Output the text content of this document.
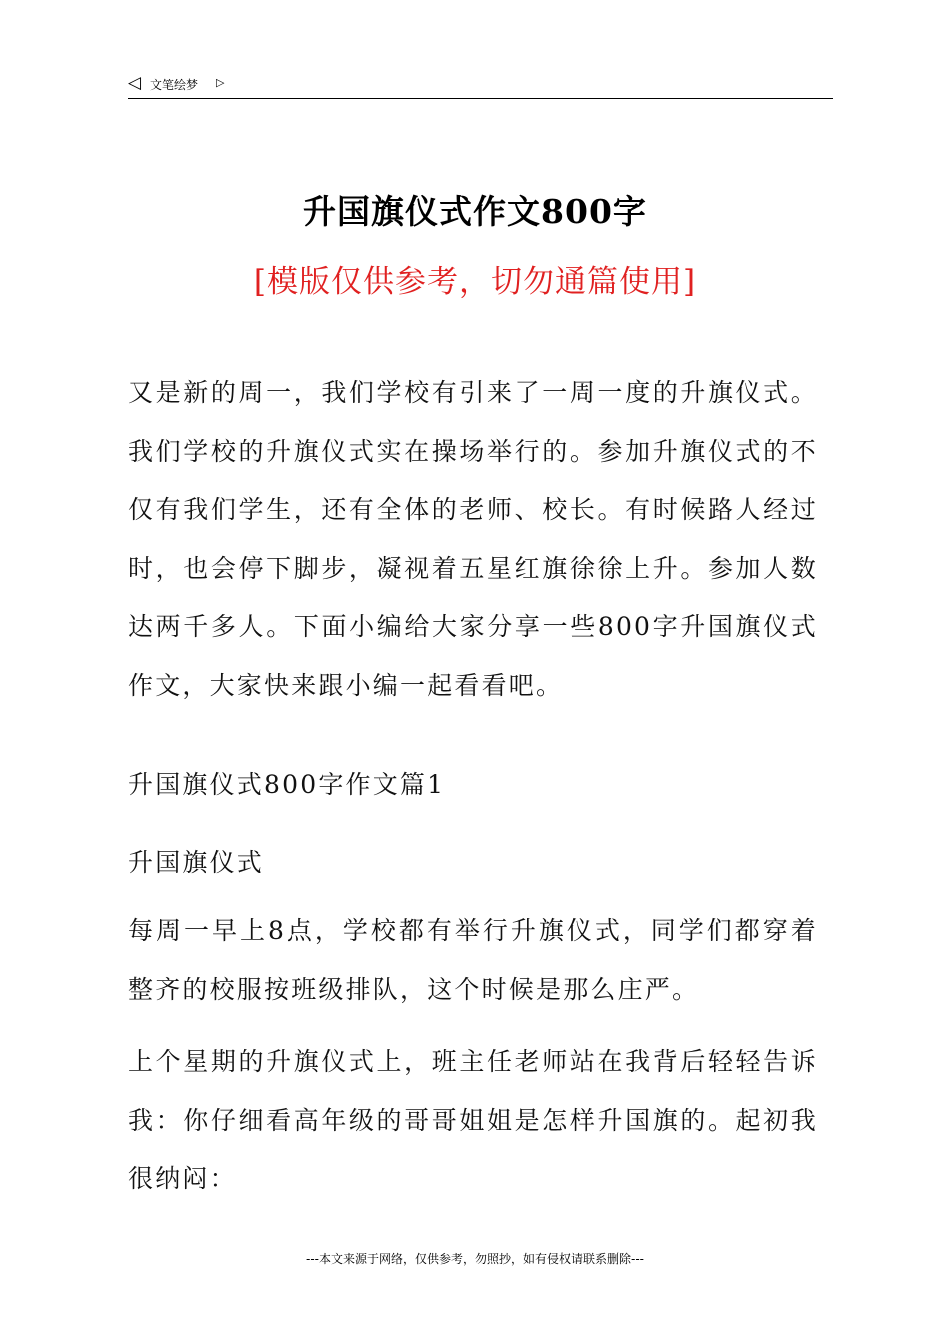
◁ 文笔绘梦 ▷
升国旗仪式作文800字
[模版仅供参考，切勿通篇使用]

又是新的周一，我们学校有引来了一周一度的升旗仪式。我们学校的升旗仪式实在操场举行的。参加升旗仪式的不仅有我们学生，还有全体的老师、校长。有时候路人经过时，也会停下脚步，凝视着五星红旗徐徐上升。参加人数达两千多人。下面小编给大家分享一些800字升国旗仪式作文，大家快来跟小编一起看看吧。

升国旗仪式800字作文篇1

升国旗仪式

每周一早上8点，学校都有举行升旗仪式，同学们都穿着整齐的校服按班级排队，这个时候是那么庄严。

上个星期的升旗仪式上，班主任老师站在我背后轻轻告诉我：你仔细看高年级的哥哥姐姐是怎样升国旗的。起初我很纳闷：

---本文来源于网络，仅供参考，勿照抄，如有侵权请联系删除---
